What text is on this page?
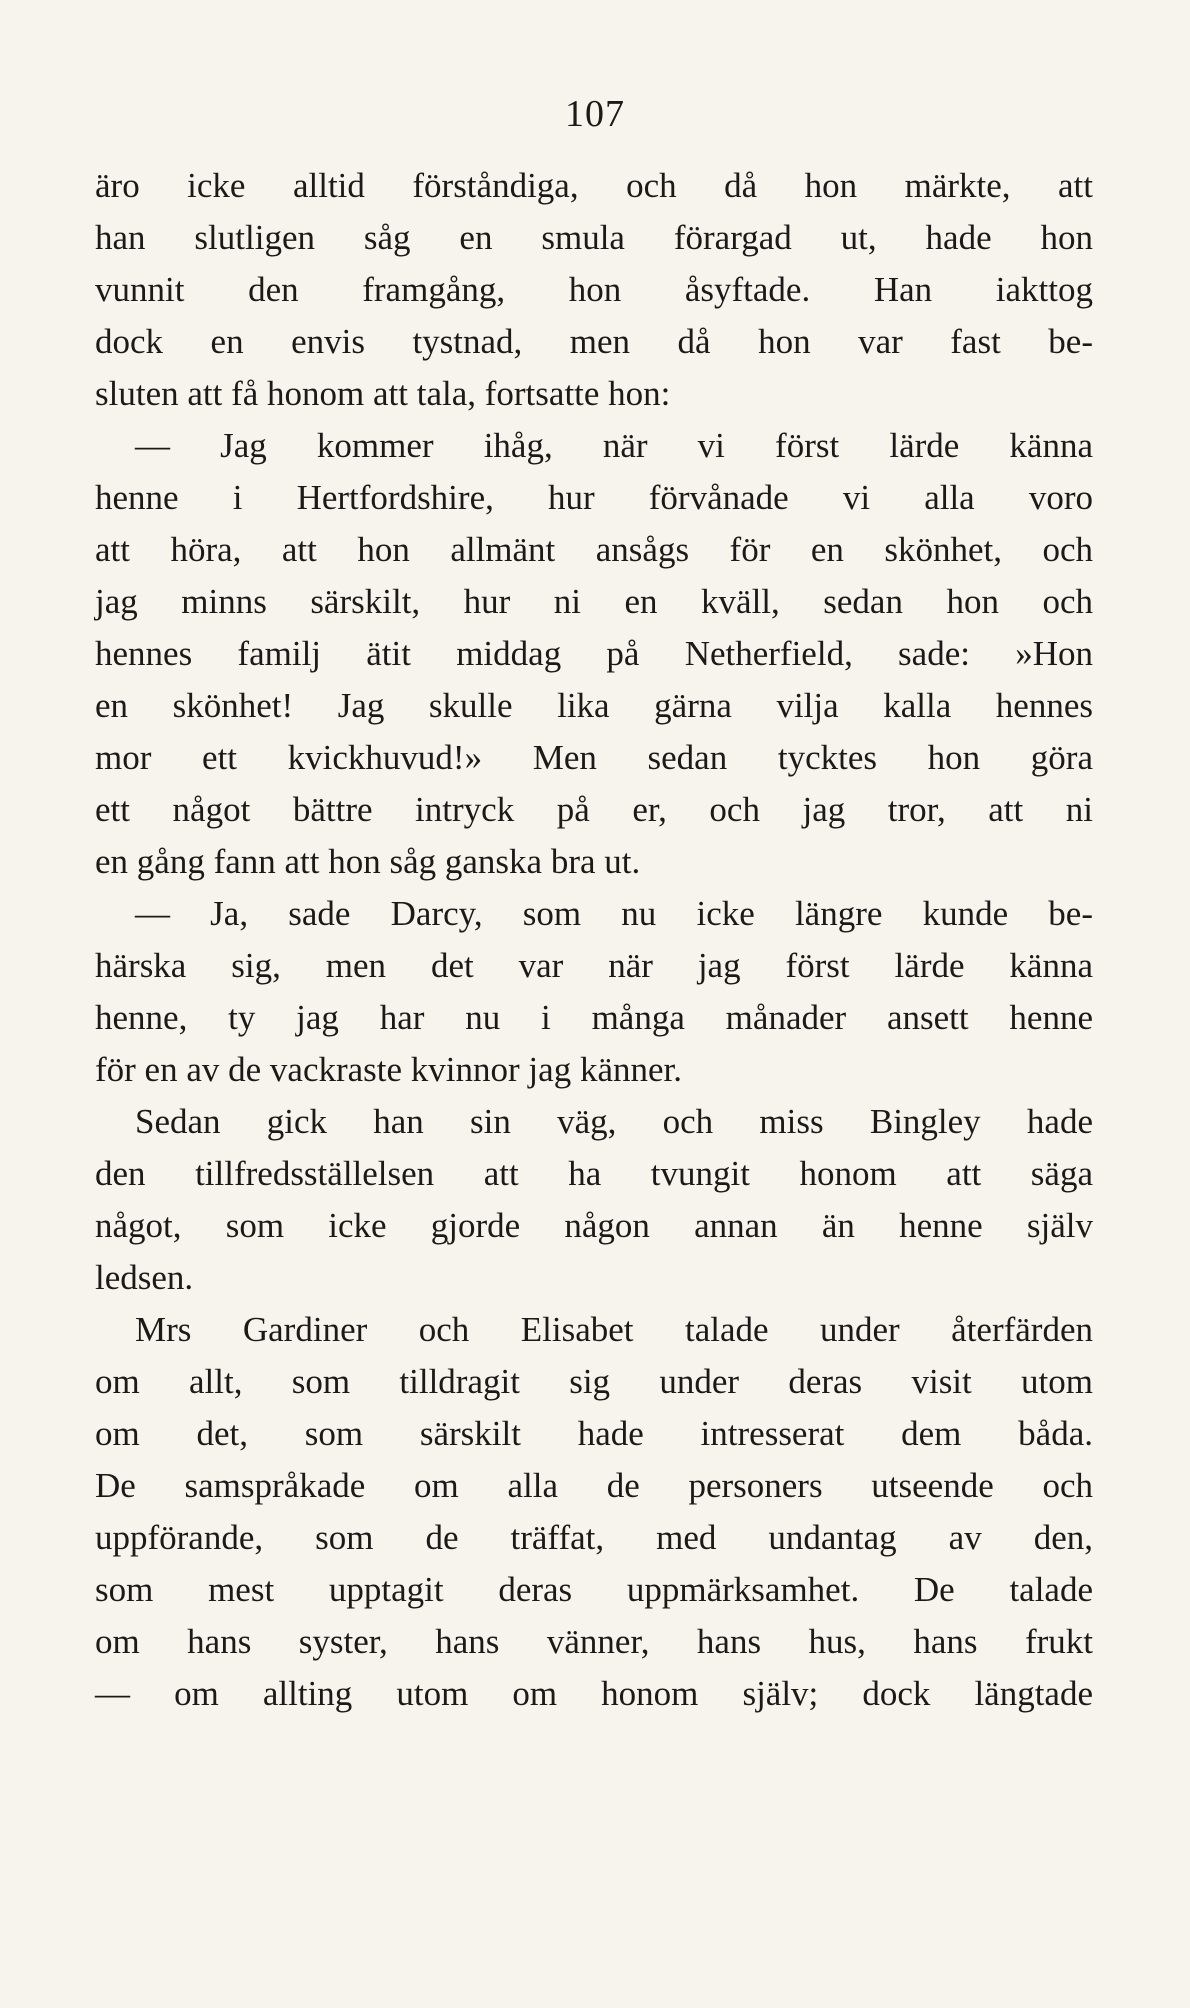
107
äro icke alltid förståndiga, och då hon märkte, att
han slutligen såg en smula förargad ut, hade hon
vunnit den framgång, hon åsyftade. Han iakttog
dock en envis tystnad, men då hon var fast be-
sluten att få honom att tala, fortsatte hon:
— Jag kommer ihåg, när vi först lärde känna
henne i Hertfordshire, hur förvånade vi alla voro
att höra, att hon allmänt ansågs för en skönhet, och
jag minns särskilt, hur ni en kväll, sedan hon och
hennes familj ätit middag på Netherfield, sade: »Hon
en skönhet! Jag skulle lika gärna vilja kalla hennes
mor ett kvickhuvud!» Men sedan tycktes hon göra
ett något bättre intryck på er, och jag tror, att ni
en gång fann att hon såg ganska bra ut.
— Ja, sade Darcy, som nu icke längre kunde be-
härska sig, men det var när jag först lärde känna
henne, ty jag har nu i många månader ansett henne
för en av de vackraste kvinnor jag känner.
Sedan gick han sin väg, och miss Bingley hade
den tillfredsställelsen att ha tvungit honom att säga
något, som icke gjorde någon annan än henne själv
ledsen.
Mrs Gardiner och Elisabet talade under återfärden
om allt, som tilldragit sig under deras visit utom
om det, som särskilt hade intresserat dem båda.
De samspråkade om alla de personers utseende och
uppförande, som de träffat, med undantag av den,
som mest upptagit deras uppmärksamhet. De talade
om hans syster, hans vänner, hans hus, hans frukt
— om allting utom om honom själv; dock längtade
